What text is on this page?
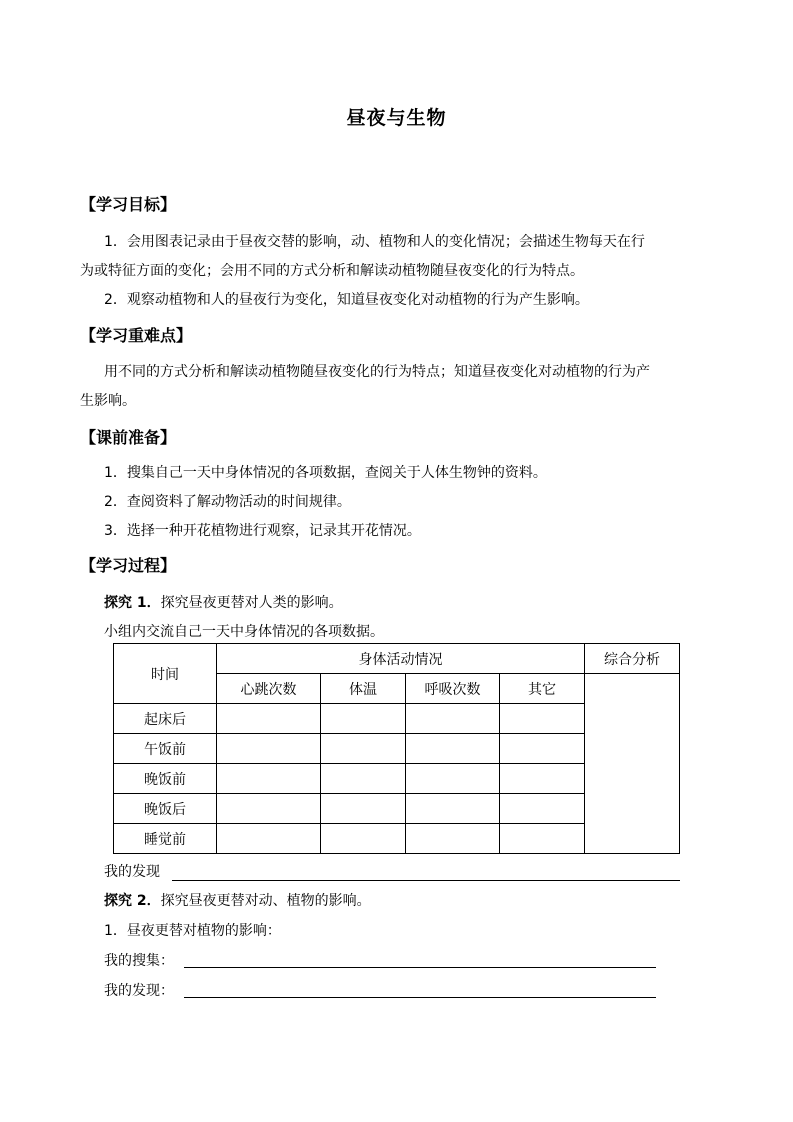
昼夜与生物
【学习目标】
1．会用图表记录由于昼夜交替的影响，动、植物和人的变化情况；会描述生物每天在行
为或特征方面的变化；会用不同的方式分析和解读动植物随昼夜变化的行为特点。
2．观察动植物和人的昼夜行为变化，知道昼夜变化对动植物的行为产生影响。
【学习重难点】
用不同的方式分析和解读动植物随昼夜变化的行为特点；知道昼夜变化对动植物的行为产
生影响。
【课前准备】
1．搜集自己一天中身体情况的各项数据，查阅关于人体生物钟的资料。
2．查阅资料了解动物活动的时间规律。
3．选择一种开花植物进行观察，记录其开花情况。
【学习过程】
探究 1．探究昼夜更替对人类的影响。
小组内交流自己一天中身体情况的各项数据。
时间	身体活动情况				综合分析
	心跳次数	体温	呼吸次数	其它	
起床后					
午饭前					
晚饭前					
晚饭后					
睡觉前					
我的发现
探究 2．探究昼夜更替对动、植物的影响。
1．昼夜更替对植物的影响：
我的搜集：
我的发现：
